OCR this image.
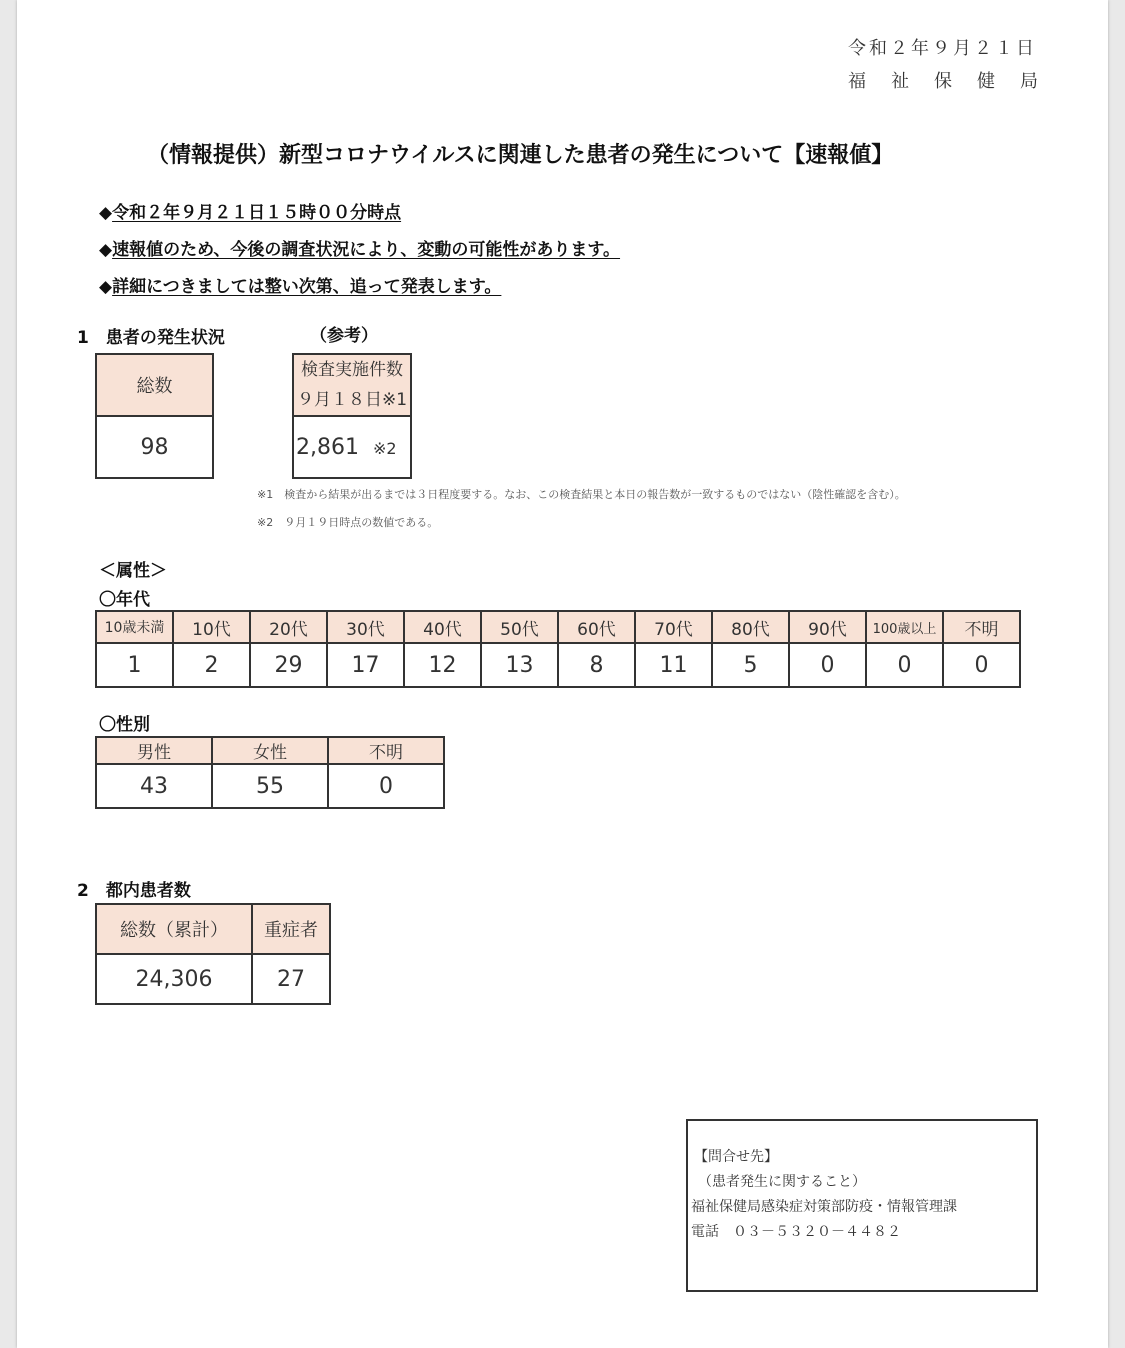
令和２年９月２１日
福 祉 保 健 局
（情報提供）新型コロナウイルスに関連した患者の発生について【速報値】
◆令和２年９月２１日１５時００分時点
◆速報値のため、今後の調査状況により、変動の可能性があります。
◆詳細につきましては整い次第、追って発表します。
1　患者の発生状況	（参考）
総数
98
検査実施件数
９月１８日※1

2,861 ※2
※1　検査から結果が出るまでは３日程度要する。なお、この検査結果と本日の報告数が一致するものではない（陰性確認を含む）。
※2　９月１９日時点の数値である。
＜属性＞
〇年代
10歳未満	10代	20代	30代	40代	50代	60代	70代	80代	90代	100歳以上	不明
1	2	29	17	12	13	8	11	5	0	0	0
〇性別
男性	女性	不明
43	55	0
2　都内患者数
総数（累計）	重症者
24,306	27
【問合せ先】
（患者発生に関すること）
福祉保健局感染症対策部防疫・情報管理課
電話　０３－５３２０－４４８２
